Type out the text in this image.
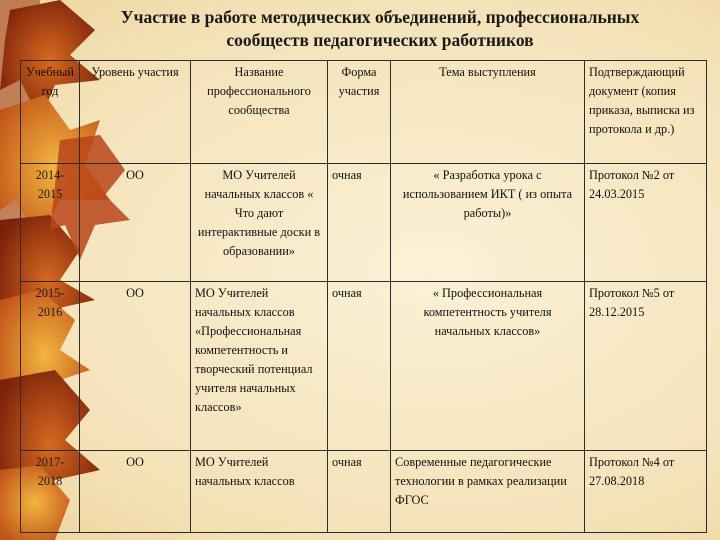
Участие в работе методических объединений, профессиональных
сообществ педагогических работников
Учебный год	Уровень участия	Название профессионального сообщества	Форма участия	Тема выступления	Подтверждающий документ (копия приказа, выписка из протокола и др.)
2014-2015	ОО	МО Учителей начальных классов « Что дают интерактивные доски в образовании»	очная	« Разработка урока с использованием ИКТ ( из опыта работы)»	Протокол №2 от 24.03.2015
2015-2016	ОО	МО Учителей начальных классов «Профессиональная компетентность и творческий потенциал учителя начальных классов»	очная	« Профессиональная компетентность учителя начальных классов»	Протокол №5 от 28.12.2015
2017-2018	ОО	МО Учителей начальных классов	очная	Современные педагогические технологии в рамках реализации ФГОС	Протокол №4 от 27.08.2018
